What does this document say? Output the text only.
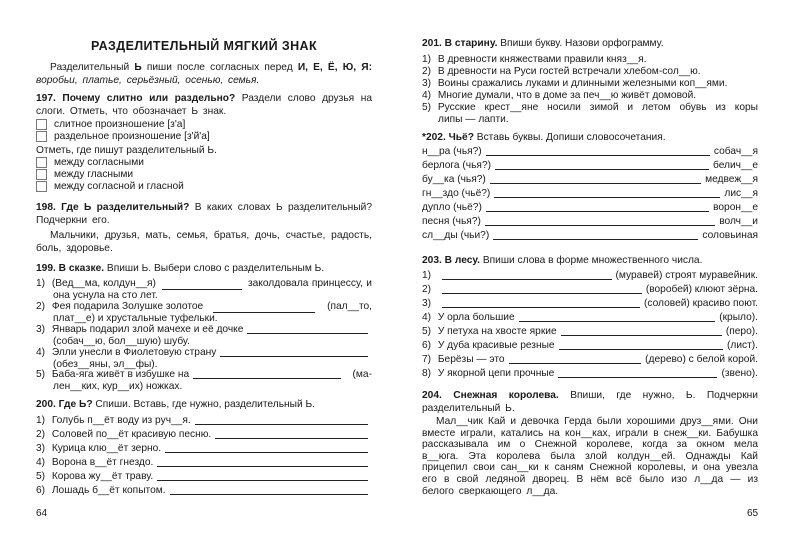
РАЗДЕЛИТЕЛЬНЫЙ МЯГКИЙ ЗНАК
Разделительный Ь пиши после согласных перед И, Е, Ё, Ю, Я: воробьи, платье, серьёзный, осенью, семья.
197. Почему слитно или раздельно? Раздели слово друзья на слоги. Отметь, что обозначает Ь знак.
слитное произношение [з'а]
раздельное произношение [з'й'а]
Отметь, где пишут разделительный Ь.
между согласными
между гласными
между согласной и гласной
198. Где Ь разделительный? В каких словах Ь разделительный? Подчеркни его.
Мальчики, друзья, мать, семья, братья, дочь, счастье, радость, боль, здоровье.
199. В сказке. Впиши Ь. Выбери слово с разделительным Ь.
1)
(Вед__ма, колдун__я)	заколдовала принцессу, и
она уснула на сто лет.
2)
Фея подарила Золушке золотое	(пал__то,
плат__е) и хрустальные туфельки.
3)
Январь подарил злой мачехе и её дочке
(собач__ю, бол__шую) шубу.
4)
Элли унесли в Фиолетовую страну
(обез__яны, эл__фы).
5)
Баба-яга живёт в избушке на	(ма-
лен__ких, кур__их) ножках.
200. Где Ь? Спиши. Вставь, где нужно, разделительный Ь.
1)
Голубь п__ёт воду из руч__я.
2)
Соловей по__ёт красивую песню.
3)
Курица клю__ёт зерно.
4)
Ворона в__ёт гнездо.
5)
Корова жу__ёт траву.
6)
Лошадь б__ёт копытом.
64
201. В старину. Впиши букву. Назови орфограмму.
1) В древности княжествами правили княз__я.
2) В древности на Руси гостей встречали хлебом-сол__ю.
3) Воины сражались луками и длинными железными коп__ями.
4) Многие думали, что в доме за печ__ю живёт домовой.
5)
Русские крест__яне носили зимой и летом обувь из коры
липы — лапти.
*202. Чьё? Вставь буквы. Допиши словосочетания.
н__ра (чья?)	собач__я
берлога (чья?)	белич__е
бу__ка (чья?)	медвеж__я
гн__здо (чьё?)	лис__я
дупло (чьё?)	ворон__е
песня (чья?)	волч__и
сл__ды (чьи?)	соловьиная
203. В лесу. Впиши слова в форме множественного числа.
1)
	(муравей) строят муравейник.
2)
	(воробей) клюют зёрна.
3)
	(соловей) красиво поют.
4)
У орла большие	(крыло).
5)
У петуха на хвосте яркие	(перо).
6)
У дуба красивые резные	(лист).
7)
Берёзы — это	(дерево) с белой корой.
8)
У якорной цепи прочные	(звено).
204. Снежная королева. Впиши, где нужно, Ь. Подчеркни разделительный Ь.
Мал__чик Кай и девочка Герда были хорошими друз__ями. Они вместе играли, катались на кон__ках, играли в снеж__ки. Бабушка рассказывала им о Снежной королеве, когда за окном мела в__юга. Эта королева была злой колдун__ей. Однажды Кай прицепил свои сан__ки к саням Снежной королевы, и она увезла его в свой ледяной дворец. В нём всё было изо л__да — из белого сверкающего л__да.
65
